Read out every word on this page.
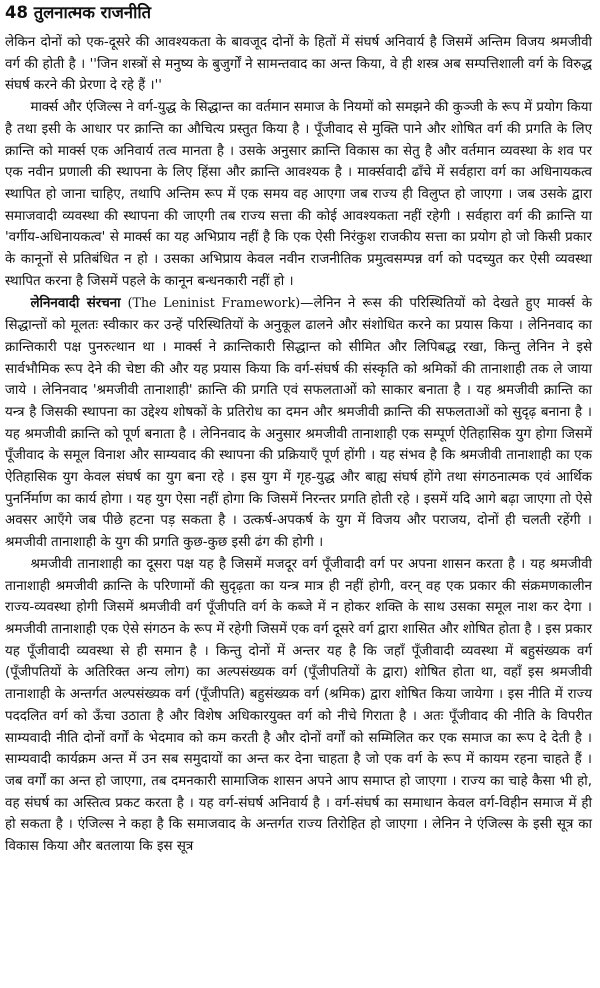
48 तुलनात्मक राजनीति

लेकिन दोनों को एक-दूसरे की आवश्यकता के बावजूद दोनों के हितों में संघर्ष अनिवार्य है जिसमें अन्तिम विजय श्रमजीवी वर्ग की होती है । ''जिन शस्त्रों से मनुष्य के बुजुर्गों ने सामन्तवाद का अन्त किया, वे ही शस्त्र अब सम्पत्तिशाली वर्ग के विरुद्ध संघर्ष करने की प्रेरणा दे रहे हैं ।''

मार्क्स और एंजिल्स ने वर्ग-युद्ध के सिद्धान्त का वर्तमान समाज के नियमों को समझने की कुञ्जी के रूप में प्रयोग किया है तथा इसी के आधार पर क्रान्ति का औचित्य प्रस्तुत किया है । पूँजीवाद से मुक्ति पाने और शोषित वर्ग की प्रगति के लिए क्रान्ति को मार्क्स एक अनिवार्य तत्व मानता है । उसके अनुसार क्रान्ति विकास का सेतु है और वर्तमान व्यवस्था के शव पर एक नवीन प्रणाली की स्थापना के लिए हिंसा और क्रान्ति आवश्यक है । मार्क्सवादी ढाँचे में सर्वहारा वर्ग का अधिनायकत्व स्थापित हो जाना चाहिए, तथापि अन्तिम रूप में एक समय वह आएगा जब राज्य ही विलुप्त हो जाएगा । जब उसके द्वारा समाजवादी व्यवस्था की स्थापना की जाएगी तब राज्य सत्ता की कोई आवश्यकता नहीं रहेगी । सर्वहारा वर्ग की क्रान्ति या 'वर्गीय-अधिनायकत्व' से मार्क्स का यह अभिप्राय नहीं है कि एक ऐसी निरंकुश राजकीय सत्ता का प्रयोग हो जो किसी प्रकार के कानूनों से प्रतिबंधित न हो । उसका अभिप्राय केवल नवीन राजनीतिक प्रमुत्वसम्पन्न वर्ग को पदच्युत कर ऐसी व्यवस्था स्थापित करना है जिसमें पहले के कानून बन्धनकारी नहीं हो ।

लेनिनवादी संरचना (The Leninist Framework)—लेनिन ने रूस की परिस्थितियों को देखते हुए मार्क्स के सिद्धान्तों को मूलतः स्वीकार कर उन्हें परिस्थितियों के अनुकूल ढालने और संशोधित करने का प्रयास किया । लेनिनवाद का क्रान्तिकारी पक्ष पुनरुत्थान था । मार्क्स ने क्रान्तिकारी सिद्धान्त को सीमित और लिपिबद्ध रखा, किन्तु लेनिन ने इसे सार्वभौमिक रूप देने की चेष्टा की और यह प्रयास किया कि वर्ग-संघर्ष की संस्कृति को श्रमिकों की तानाशाही तक ले जाया जाये । लेनिनवाद 'श्रमजीवी तानाशाही' क्रान्ति की प्रगति एवं सफलताओं को साकार बनाता है । यह श्रमजीवी क्रान्ति का यन्त्र है जिसकी स्थापना का उद्देश्य शोषकों के प्रतिरोध का दमन और श्रमजीवी क्रान्ति की सफलताओं को सुदृढ़ बनाना है । यह श्रमजीवी क्रान्ति को पूर्ण बनाता है । लेनिनवाद के अनुसार श्रमजीवी तानाशाही एक सम्पूर्ण ऐतिहासिक युग होगा जिसमें पूँजीवाद के समूल विनाश और साम्यवाद की स्थापना की प्रक्रियाएँ पूर्ण होंगी । यह संभव है कि श्रमजीवी तानाशाही का एक ऐतिहासिक युग केवल संघर्ष का युग बना रहे । इस युग में गृह-युद्ध और बाह्य संघर्ष होंगे तथा संगठनात्मक एवं आर्थिक पुनर्निर्माण का कार्य होगा । यह युग ऐसा नहीं होगा कि जिसमें निरन्तर प्रगति होती रहे । इसमें यदि आगे बढ़ा जाएगा तो ऐसे अवसर आएँगे जब पीछे हटना पड़ सकता है । उत्कर्ष-अपकर्ष के युग में विजय और पराजय, दोनों ही चलती रहेंगी । श्रमजीवी तानाशाही के युग की प्रगति कुछ-कुछ इसी ढंग की होगी ।

श्रमजीवी तानाशाही का दूसरा पक्ष यह है जिसमें मजदूर वर्ग पूँजीवादी वर्ग पर अपना शासन करता है । यह श्रमजीवी तानाशाही श्रमजीवी क्रान्ति के परिणामों की सुदृढ़ता का यन्त्र मात्र ही नहीं होगी, वरन् वह एक प्रकार की संक्रमणकालीन राज्य-व्यवस्था होगी जिसमें श्रमजीवी वर्ग पूँजीपति वर्ग के कब्जे में न होकर शक्ति के साथ उसका समूल नाश कर देगा । श्रमजीवी तानाशाही एक ऐसे संगठन के रूप में रहेगी जिसमें एक वर्ग दूसरे वर्ग द्वारा शासित और शोषित होता है । इस प्रकार यह पूँजीवादी व्यवस्था से ही समान है । किन्तु दोनों में अन्तर यह है कि जहाँ पूँजीवादी व्यवस्था में बहुसंख्यक वर्ग (पूँजीपतियों के अतिरिक्त अन्य लोग) का अल्पसंख्यक वर्ग (पूँजीपतियों के द्वारा) शोषित होता था, वहाँ इस श्रमजीवी तानाशाही के अन्तर्गत अल्पसंख्यक वर्ग (पूँजीपति) बहुसंख्यक वर्ग (श्रमिक) द्वारा शोषित किया जायेगा । इस नीति में राज्य पददलित वर्ग को ऊँचा उठाता है और विशेष अधिकारयुक्त वर्ग को नीचे गिराता है । अतः पूँजीवाद की नीति के विपरीत साम्यवादी नीति दोनों वर्गों के भेदमाव को कम करती है और दोनों वर्गों को सम्मिलित कर एक समाज का रूप दे देती है । साम्यवादी कार्यक्रम अन्त में उन सब समुदायों का अन्त कर देना चाहता है जो एक वर्ग के रूप में कायम रहना चाहते हैं । जब वर्गों का अन्त हो जाएगा, तब दमनकारी सामाजिक शासन अपने आप समाप्त हो जाएगा । राज्य का चाहे कैसा भी हो, वह संघर्ष का अस्तित्व प्रकट करता है । यह वर्ग-संघर्ष अनिवार्य है । वर्ग-संघर्ष का समाधान केवल वर्ग-विहीन समाज में ही हो सकता है । एंजिल्स ने कहा है कि समाजवाद के अन्तर्गत राज्य तिरोहित हो जाएगा । लेनिन ने एंजिल्स के इसी सूत्र का विकास किया और बतलाया कि इस सूत्र
